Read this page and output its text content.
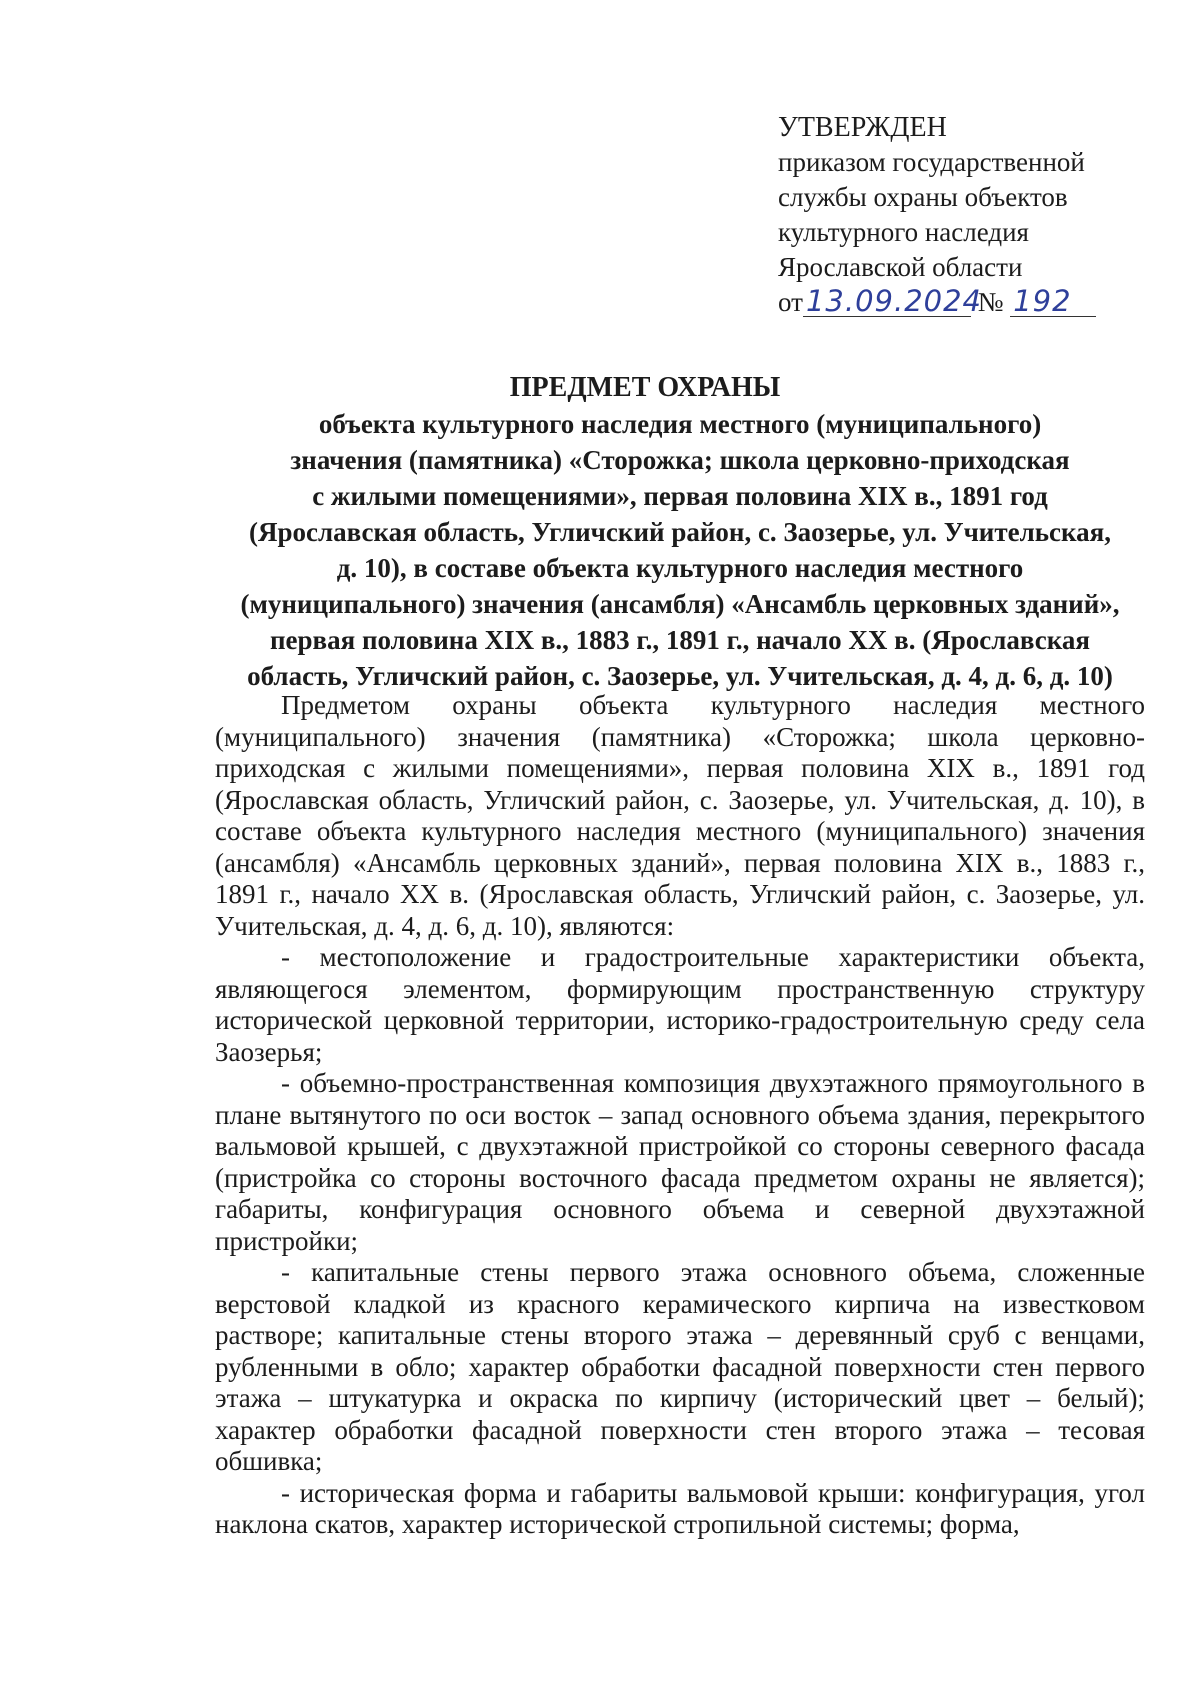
УТВЕРЖДЕН
приказом государственной
службы охраны объектов
культурного наследия
Ярославской области
от 13.09.2024 № 192
ПРЕДМЕТ ОХРАНЫ
объекта культурного наследия местного (муниципального)
значения (памятника) «Сторожка; школа церковно-приходская
с жилыми помещениями», первая половина XIX в., 1891 год
(Ярославская область, Угличский район, с. Заозерье, ул. Учительская,
д. 10), в составе объекта культурного наследия местного
(муниципального) значения (ансамбля) «Ансамбль церковных зданий»,
первая половина XIX в., 1883 г., 1891 г., начало XX в. (Ярославская
область, Угличский район, с. Заозерье, ул. Учительская, д. 4, д. 6, д. 10)

Предметом охраны объекта культурного наследия местного (муниципального) значения (памятника) «Сторожка; школа церковно-приходская с жилыми помещениями», первая половина XIX в., 1891 год (Ярославская область, Угличский район, с. Заозерье, ул. Учительская, д. 10), в составе объекта культурного наследия местного (муниципального) значения (ансамбля) «Ансамбль церковных зданий», первая половина XIX в., 1883 г., 1891 г., начало XX в. (Ярославская область, Угличский район, с. Заозерье, ул. Учительская, д. 4, д. 6, д. 10), являются:

- местоположение и градостроительные характеристики объекта, являющегося элементом, формирующим пространственную структуру исторической церковной территории, историко-градостроительную среду села Заозерья;

- объемно-пространственная композиция двухэтажного прямоугольного в плане вытянутого по оси восток – запад основного объема здания, перекрытого вальмовой крышей, с двухэтажной пристройкой со стороны северного фасада (пристройка со стороны восточного фасада предметом охраны не является); габариты, конфигурация основного объема и северной двухэтажной пристройки;

- капитальные стены первого этажа основного объема, сложенные верстовой кладкой из красного керамического кирпича на известковом растворе; капитальные стены второго этажа – деревянный сруб с венцами, рубленными в обло; характер обработки фасадной поверхности стен первого этажа – штукатурка и окраска по кирпичу (исторический цвет – белый); характер обработки фасадной поверхности стен второго этажа – тесовая обшивка;

- историческая форма и габариты вальмовой крыши: конфигурация, угол наклона скатов, характер исторической стропильной системы; форма,
